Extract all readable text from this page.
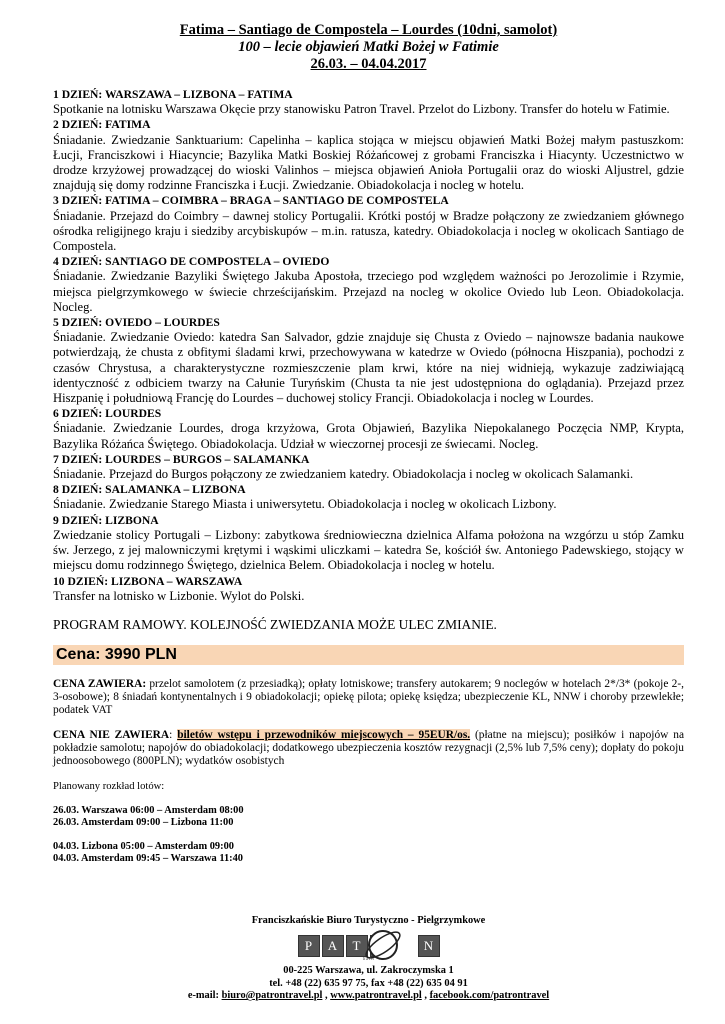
Fatima – Santiago de Compostela – Lourdes (10dni, samolot)
100 – lecie objawień Matki Bożej w Fatimie
26.03. – 04.04.2017
1 DZIEŃ: WARSZAWA – LIZBONA – FATIMA
Spotkanie na lotnisku Warszawa Okęcie przy stanowisku Patron Travel. Przelot do Lizbony. Transfer do hotelu w Fatimie.
2 DZIEŃ: FATIMA
Śniadanie. Zwiedzanie Sanktuarium: Capelinha – kaplica stojąca w miejscu objawień Matki Bożej małym pastuszkom: Łucji, Franciszkowi i Hiacyncie; Bazylika Matki Boskiej Różańcowej z grobami Franciszka i Hiacynty. Uczestnictwo w drodze krzyżowej prowadzącej do wioski Valinhos – miejsca objawień Anioła Portugalii oraz do wioski Aljustrel, gdzie znajdują się domy rodzinne Franciszka i Łucji. Zwiedzanie. Obiadokolacja i nocleg w hotelu.
3 DZIEŃ: FATIMA – COIMBRA – BRAGA – SANTIAGO DE COMPOSTELA
Śniadanie. Przejazd do Coimbry – dawnej stolicy Portugalii. Krótki postój w Bradze połączony ze zwiedzaniem głównego ośrodka religijnego kraju i siedziby arcybiskupów – m.in. ratusza, katedry. Obiadokolacja i nocleg w okolicach Santiago de Compostela.
4 DZIEŃ: SANTIAGO DE COMPOSTELA – OVIEDO
Śniadanie. Zwiedzanie Bazyliki Świętego Jakuba Apostoła, trzeciego pod względem ważności po Jerozolimie i Rzymie, miejsca pielgrzymkowego w świecie chrześcijańskim. Przejazd na nocleg w okolice Oviedo lub Leon. Obiadokolacja. Nocleg.
5 DZIEŃ: OVIEDO – LOURDES
Śniadanie. Zwiedzanie Oviedo: katedra San Salvador, gdzie znajduje się Chusta z Oviedo – najnowsze badania naukowe potwierdzają, że chusta z obfitymi śladami krwi, przechowywana w katedrze w Oviedo (północna Hiszpania), pochodzi z czasów Chrystusa, a charakterystyczne rozmieszczenie plam krwi, które na niej widnieją, wykazuje zadziwiającą identyczność z odbiciem twarzy na Całunie Turyńskim (Chusta ta nie jest udostępniona do oglądania). Przejazd przez Hiszpanię i południową Francję do Lourdes – duchowej stolicy Francji. Obiadokolacja i nocleg w Lourdes.
6 DZIEŃ: LOURDES
Śniadanie. Zwiedzanie Lourdes, droga krzyżowa, Grota Objawień, Bazylika Niepokalanego Poczęcia NMP, Krypta, Bazylika Różańca Świętego. Obiadokolacja. Udział w wieczornej procesji ze świecami. Nocleg.
7 DZIEŃ: LOURDES – BURGOS – SALAMANKA
Śniadanie. Przejazd do Burgos połączony ze zwiedzaniem katedry. Obiadokolacja i nocleg w okolicach Salamanki.
8 DZIEŃ: SALAMANKA – LIZBONA
Śniadanie. Zwiedzanie Starego Miasta i uniwersytetu. Obiadokolacja i nocleg w okolicach Lizbony.
9 DZIEŃ: LIZBONA
Zwiedzanie stolicy Portugali – Lizbony: zabytkowa średniowieczna dzielnica Alfama położona na wzgórzu u stóp Zamku św. Jerzego, z jej malowniczymi krętymi i wąskimi uliczkami – katedra Se, kościół św. Antoniego Padewskiego, stojący w miejscu domu rodzinnego Świętego, dzielnica Belem. Obiadokolacja i nocleg w hotelu.
10 DZIEŃ: LIZBONA – WARSZAWA
Transfer na lotnisko w Lizbonie. Wylot do Polski.
PROGRAM RAMOWY. KOLEJNOŚĆ ZWIEDZANIA MOŻE ULEC ZMIANIE.
Cena: 3990 PLN
CENA ZAWIERA: przelot samolotem (z przesiadką); opłaty lotniskowe; transfery autokarem; 9 noclegów w hotelach 2*/3* (pokoje 2-, 3-osobowe); 8 śniadań kontynentalnych i 9 obiadokolacji; opiekę pilota; opiekę księdza; ubezpieczenie KL, NNW i choroby przewlekłe; podatek VAT
CENA NIE ZAWIERA: biletów wstępu i przewodników miejscowych – 95EUR/os. (płatne na miejscu); posiłków i napojów na pokładzie samolotu; napojów do obiadokolacji; dodatkowego ubezpieczenia kosztów rezygnacji (2,5% lub 7,5% ceny); dopłaty do pokoju jednoosobowego (800PLN); wydatków osobistych
Planowany rozkład lotów:
26.03. Warszawa 06:00 – Amsterdam 08:00
26.03. Amsterdam 09:00 – Lizbona 11:00
04.03. Lizbona 05:00 – Amsterdam 09:00
04.03. Amsterdam 09:45 – Warszawa 11:40
Franciszkańskie Biuro Turystyczno - Pielgrzymkowe
P	A	T	O	N
travel
00-225 Warszawa, ul. Zakroczymska 1
tel. +48 (22) 635 97 75, fax +48 (22) 635 04 91
e-mail: biuro@patrontravel.pl , www.patrontravel.pl , facebook.com/patrontravel
